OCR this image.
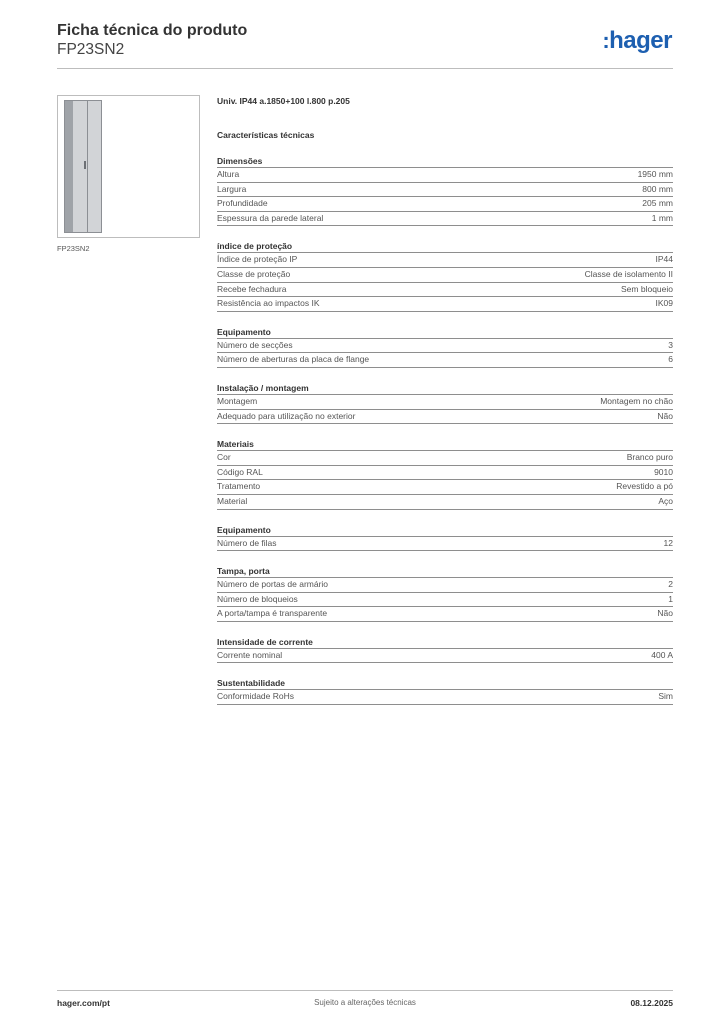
Ficha técnica do produto
FP23SN2	:hager
FP23SN2
Univ. IP44 a.1850+100 l.800 p.205
Características técnicas
Dimensões
Altura	1950 mm
Largura	800 mm
Profundidade	205 mm
Espessura da parede lateral	1 mm
índice de proteção
Índice de proteção IP	IP44
Classe de proteção	Classe de isolamento II
Recebe fechadura	Sem bloqueio
Resistência ao impactos IK	IK09
Equipamento
Número de secções	3
Número de aberturas da placa de flange	6
Instalação / montagem
Montagem	Montagem no chão
Adequado para utilização no exterior	Não
Materiais
Cor	Branco puro
Código RAL	9010
Tratamento	Revestido a pó
Material	Aço
Equipamento
Número de filas	12
Tampa, porta
Número de portas de armário	2
Número de bloqueios	1
A porta/tampa é transparente	Não
Intensidade de corrente
Corrente nominal	400 A
Sustentabilidade
Conformidade RoHs	Sim
hager.com/pt	Sujeito a alterações técnicas	08.12.2025
